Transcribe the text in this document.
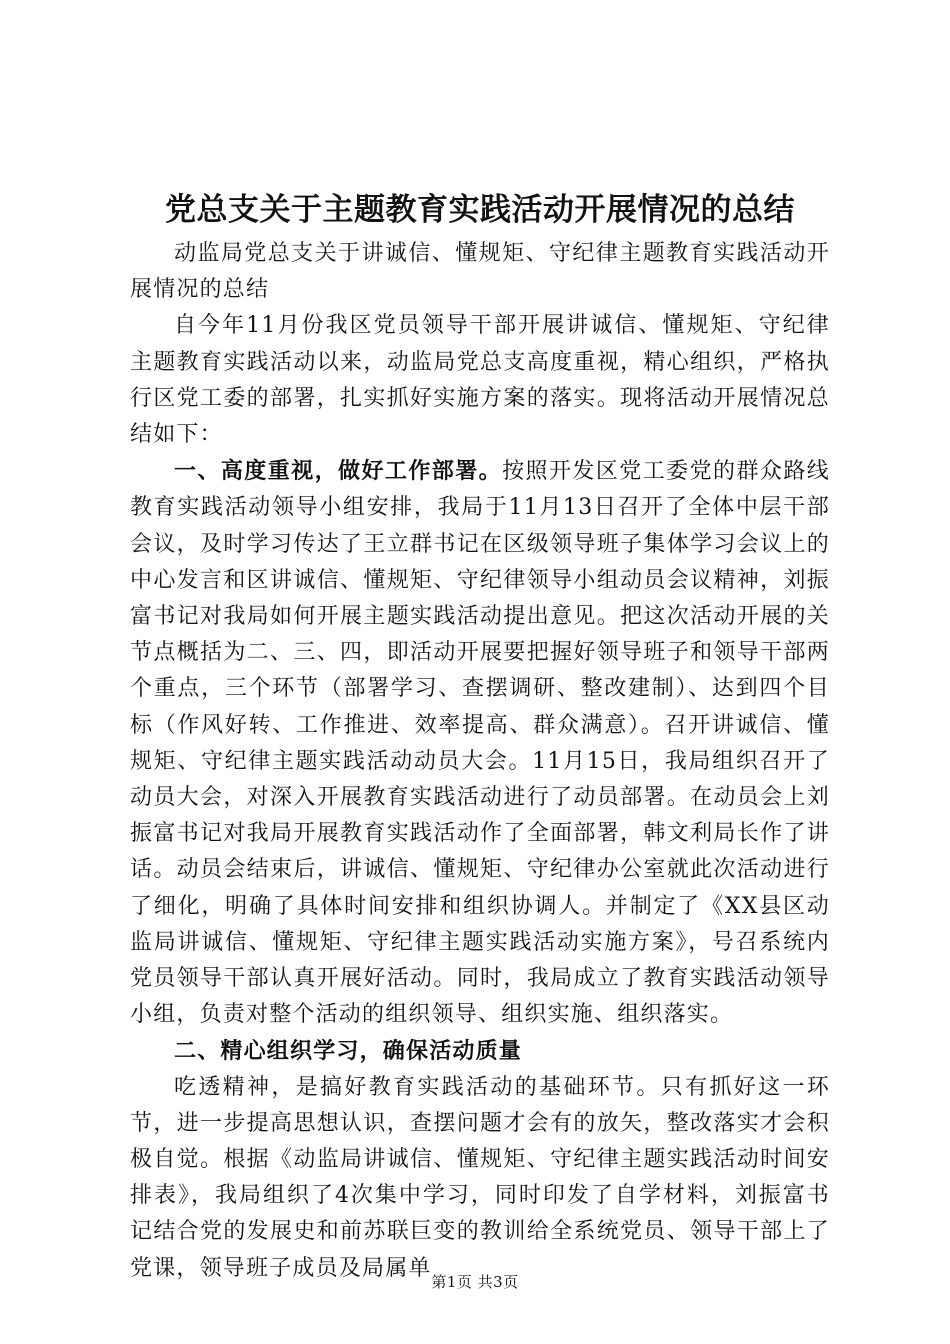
党总支关于主题教育实践活动开展情况的总结

动监局党总支关于讲诚信、懂规矩、守纪律主题教育实践活动开展情况的总结

自今年11月份我区党员领导干部开展讲诚信、懂规矩、守纪律主题教育实践活动以来，动监局党总支高度重视，精心组织，严格执行区党工委的部署，扎实抓好实施方案的落实。现将活动开展情况总结如下：

一、高度重视，做好工作部署。按照开发区党工委党的群众路线教育实践活动领导小组安排，我局于11月13日召开了全体中层干部会议，及时学习传达了王立群书记在区级领导班子集体学习会议上的中心发言和区讲诚信、懂规矩、守纪律领导小组动员会议精神，刘振富书记对我局如何开展主题实践活动提出意见。把这次活动开展的关节点概括为二、三、四，即活动开展要把握好领导班子和领导干部两个重点，三个环节（部署学习、查摆调研、整改建制）、达到四个目标（作风好转、工作推进、效率提高、群众满意）。召开讲诚信、懂规矩、守纪律主题实践活动动员大会。11月15日，我局组织召开了动员大会，对深入开展教育实践活动进行了动员部署。在动员会上刘振富书记对我局开展教育实践活动作了全面部署，韩文利局长作了讲话。动员会结束后，讲诚信、懂规矩、守纪律办公室就此次活动进行了细化，明确了具体时间安排和组织协调人。并制定了《XX县区动监局讲诚信、懂规矩、守纪律主题实践活动实施方案》，号召系统内党员领导干部认真开展好活动。同时，我局成立了教育实践活动领导小组，负责对整个活动的组织领导、组织实施、组织落实。

二、精心组织学习，确保活动质量

吃透精神，是搞好教育实践活动的基础环节。只有抓好这一环节，进一步提高思想认识，查摆问题才会有的放矢，整改落实才会积极自觉。根据《动监局讲诚信、懂规矩、守纪律主题实践活动时间安排表》，我局组织了4次集中学习，同时印发了自学材料，刘振富书记结合党的发展史和前苏联巨变的教训给全系统党员、领导干部上了党课，领导班子成员及局属单

第1页 共3页
